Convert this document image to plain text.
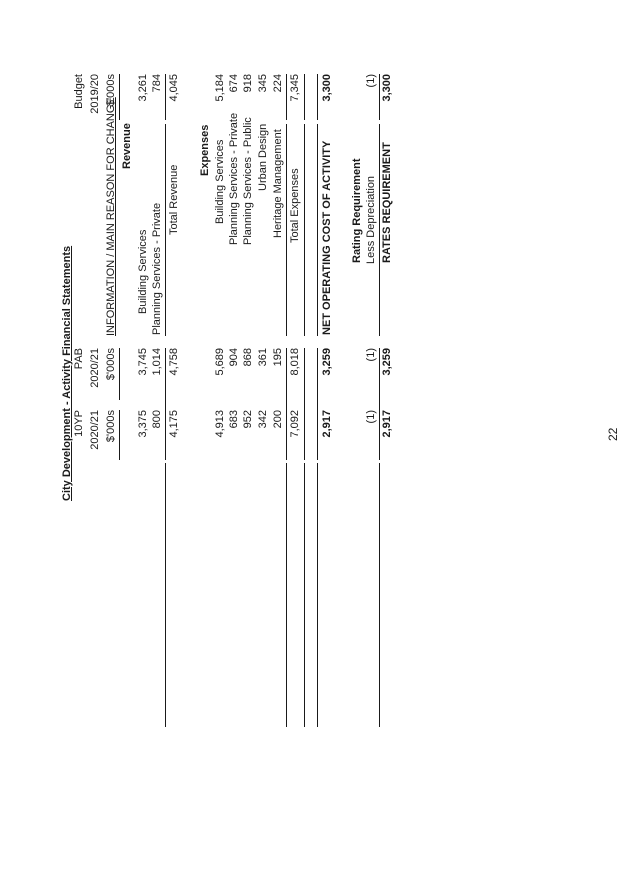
City Development - Activity Financial Statements
Budget 2019/20 $'000s
10YP 2020/21 $'000s
PAB 2020/21 $'000s
INFORMATION / MAIN REASON FOR CHANGE Revenue
3,261
Building Services
3,375
3,745
784
Planning Services - Private
800
1,014
4,045
Total Revenue
4,175
4,758
Expenses
5,184
Building Services
4,913
5,689
674
Planning Services - Private
683
904
918
Planning Services - Public
952
868
345
Urban Design
342
361
224
Heritage Management
200
195
7,345
Total Expenses
7,092
8,018
3,300
NET OPERATING COST OF ACTIVITY
2,917
3,259
Rating Requirement
(1)
Less Depreciation
(1)
(1)
3,300
RATES REQUIREMENT
2,917
3,259
22
